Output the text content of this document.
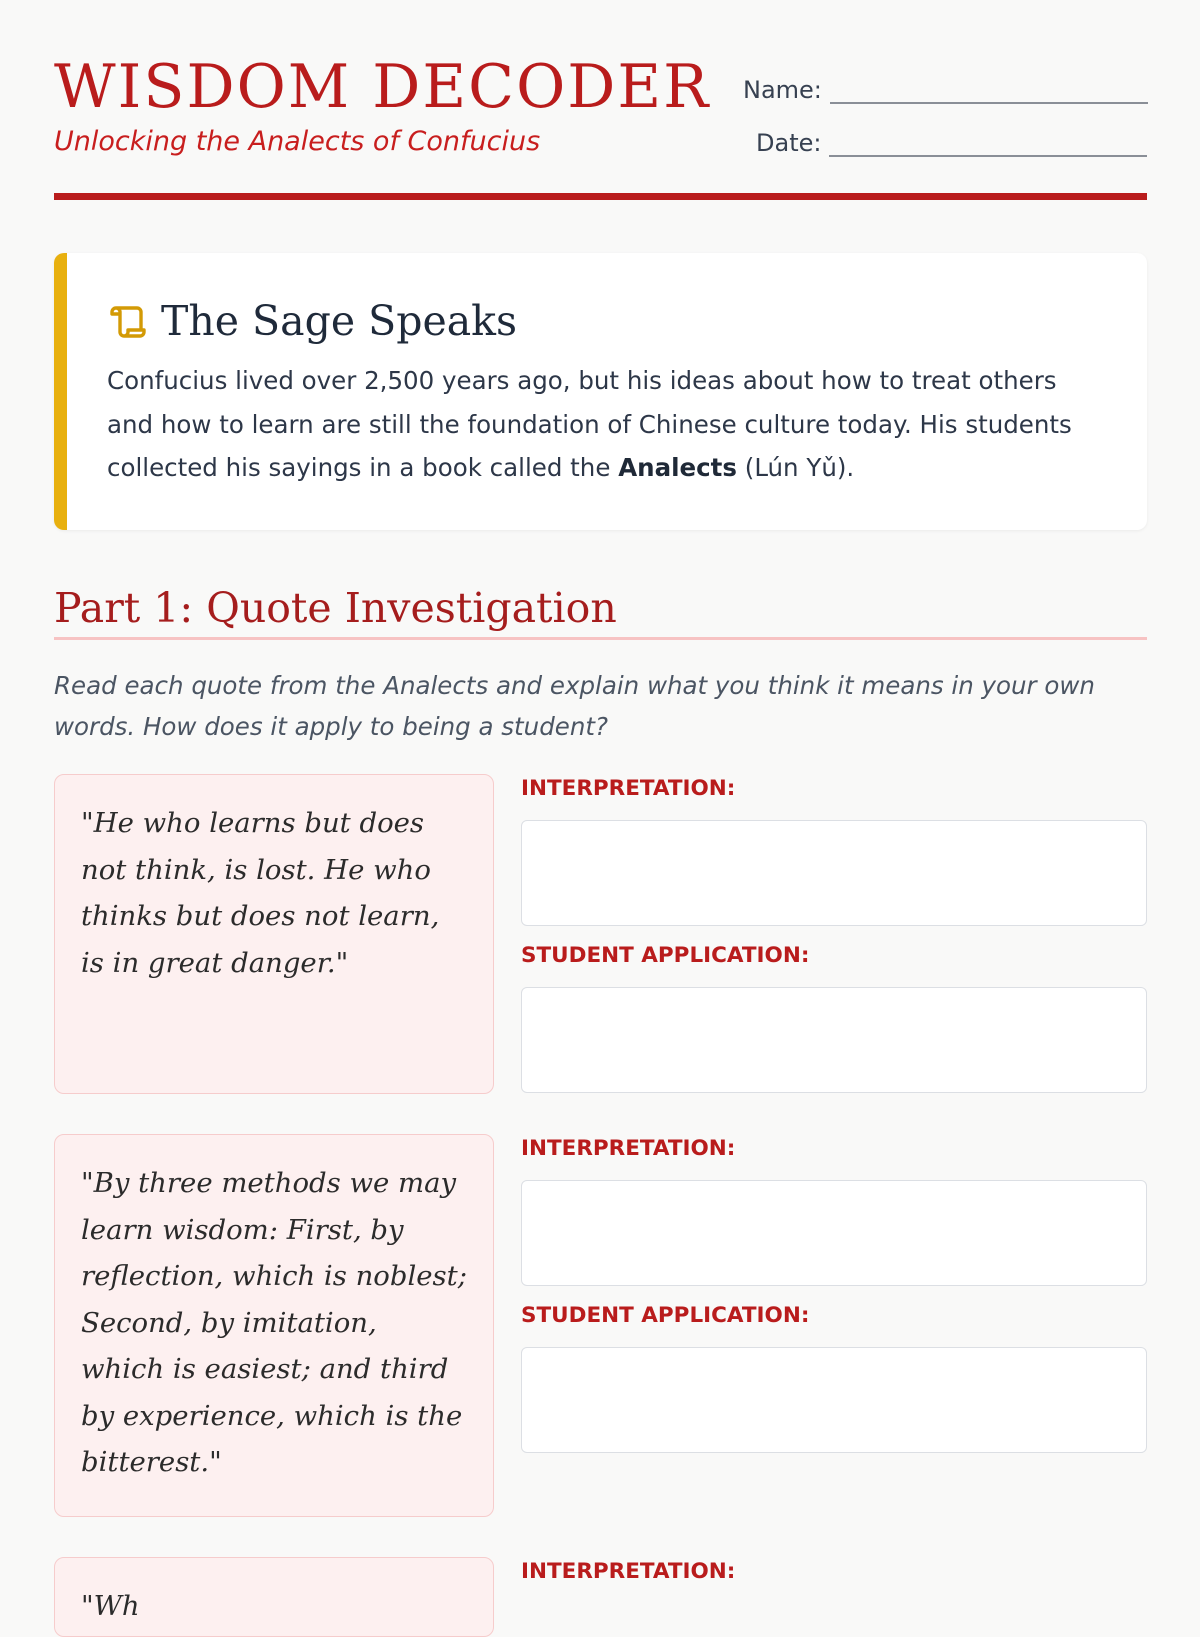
WISDOM DECODER
Unlocking the Analects of Confucius
Name:
Date:
The Sage Speaks
Confucius lived over 2,500 years ago, but his ideas about how to treat others and how to learn are still the foundation of Chinese culture today. His students collected his sayings in a book called the Analects (Lún Yǔ).
Part 1: Quote Investigation
Read each quote from the Analects and explain what you think it means in your own words. How does it apply to being a student?
"He who learns but does not think, is lost. He who thinks but does not learn, is in great danger."
INTERPRETATION:
STUDENT APPLICATION:
"By three methods we may learn wisdom: First, by reflection, which is noblest; Second, by imitation, which is easiest; and third by experience, which is the bitterest."
INTERPRETATION:
STUDENT APPLICATION:
"Wh
INTERPRETATION:
